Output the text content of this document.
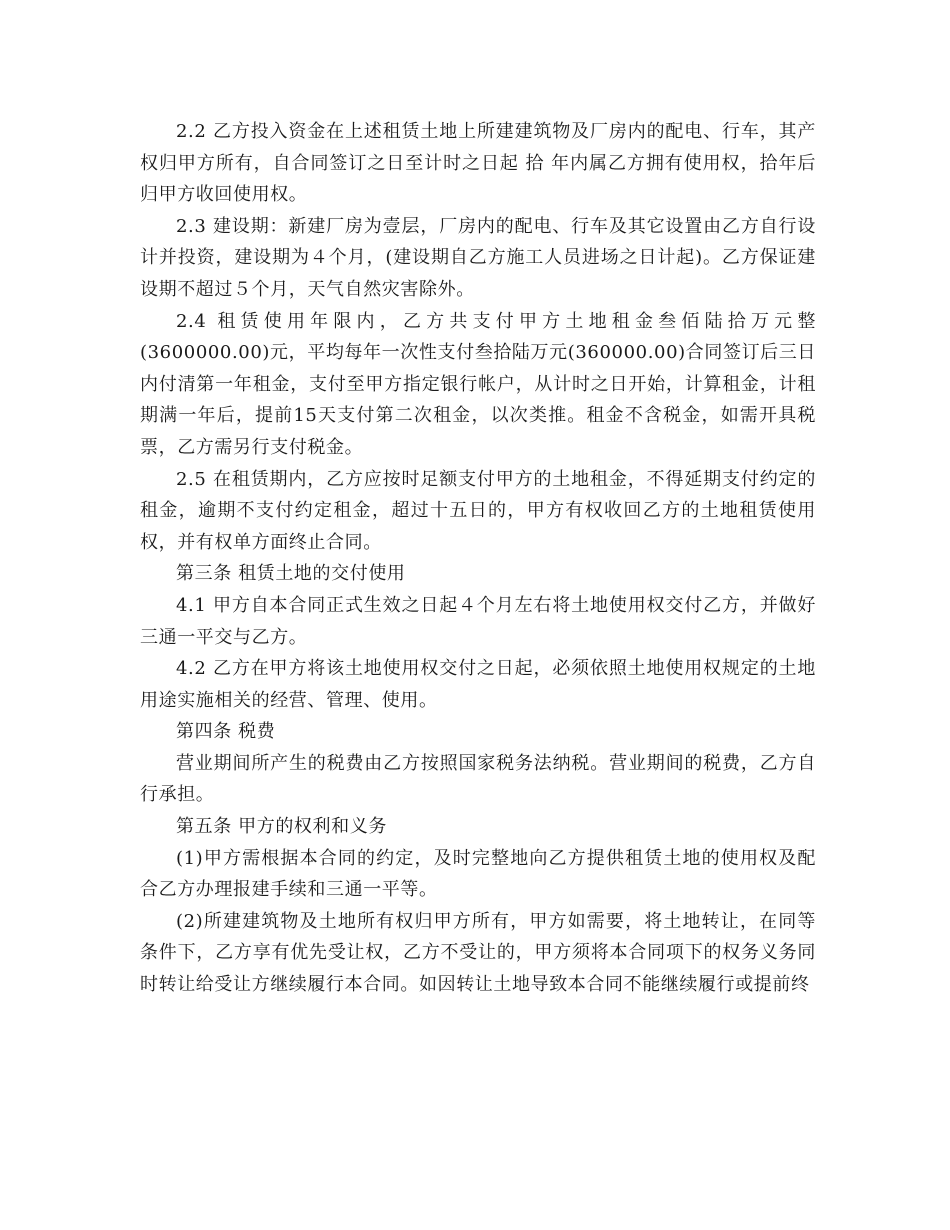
2.2 乙方投入资金在上述租赁土地上所建建筑物及厂房内的配电、行车，其产权归甲方所有，自合同签订之日至计时之日起 拾 年内属乙方拥有使用权，拾年后归甲方收回使用权。

2.3 建设期：新建厂房为壹层，厂房内的配电、行车及其它设置由乙方自行设计并投资，建设期为４个月，(建设期自乙方施工人员进场之日计起)。乙方保证建设期不超过５个月，天气自然灾害除外。

2.4 租赁使用年限内，乙方共支付甲方土地租金叁佰陆拾万元整(3600000.00)元，平均每年一次性支付叁拾陆万元(360000.00)合同签订后三日内付清第一年租金，支付至甲方指定银行帐户，从计时之日开始，计算租金，计租期满一年后，提前15天支付第二次租金，以次类推。租金不含税金，如需开具税票，乙方需另行支付税金。

2.5 在租赁期内，乙方应按时足额支付甲方的土地租金，不得延期支付约定的租金，逾期不支付约定租金，超过十五日的，甲方有权收回乙方的土地租赁使用权，并有权单方面终止合同。

第三条 租赁土地的交付使用

4.1 甲方自本合同正式生效之日起４个月左右将土地使用权交付乙方，并做好三通一平交与乙方。

4.2 乙方在甲方将该土地使用权交付之日起，必须依照土地使用权规定的土地用途实施相关的经营、管理、使用。

第四条 税费

营业期间所产生的税费由乙方按照国家税务法纳税。营业期间的税费，乙方自行承担。

第五条 甲方的权利和义务

(1)甲方需根据本合同的约定，及时完整地向乙方提供租赁土地的使用权及配合乙方办理报建手续和三通一平等。

(2)所建建筑物及土地所有权归甲方所有，甲方如需要，将土地转让，在同等条件下，乙方享有优先受让权，乙方不受让的，甲方须将本合同项下的权务义务同时转让给受让方继续履行本合同。如因转让土地导致本合同不能继续履行或提前终
